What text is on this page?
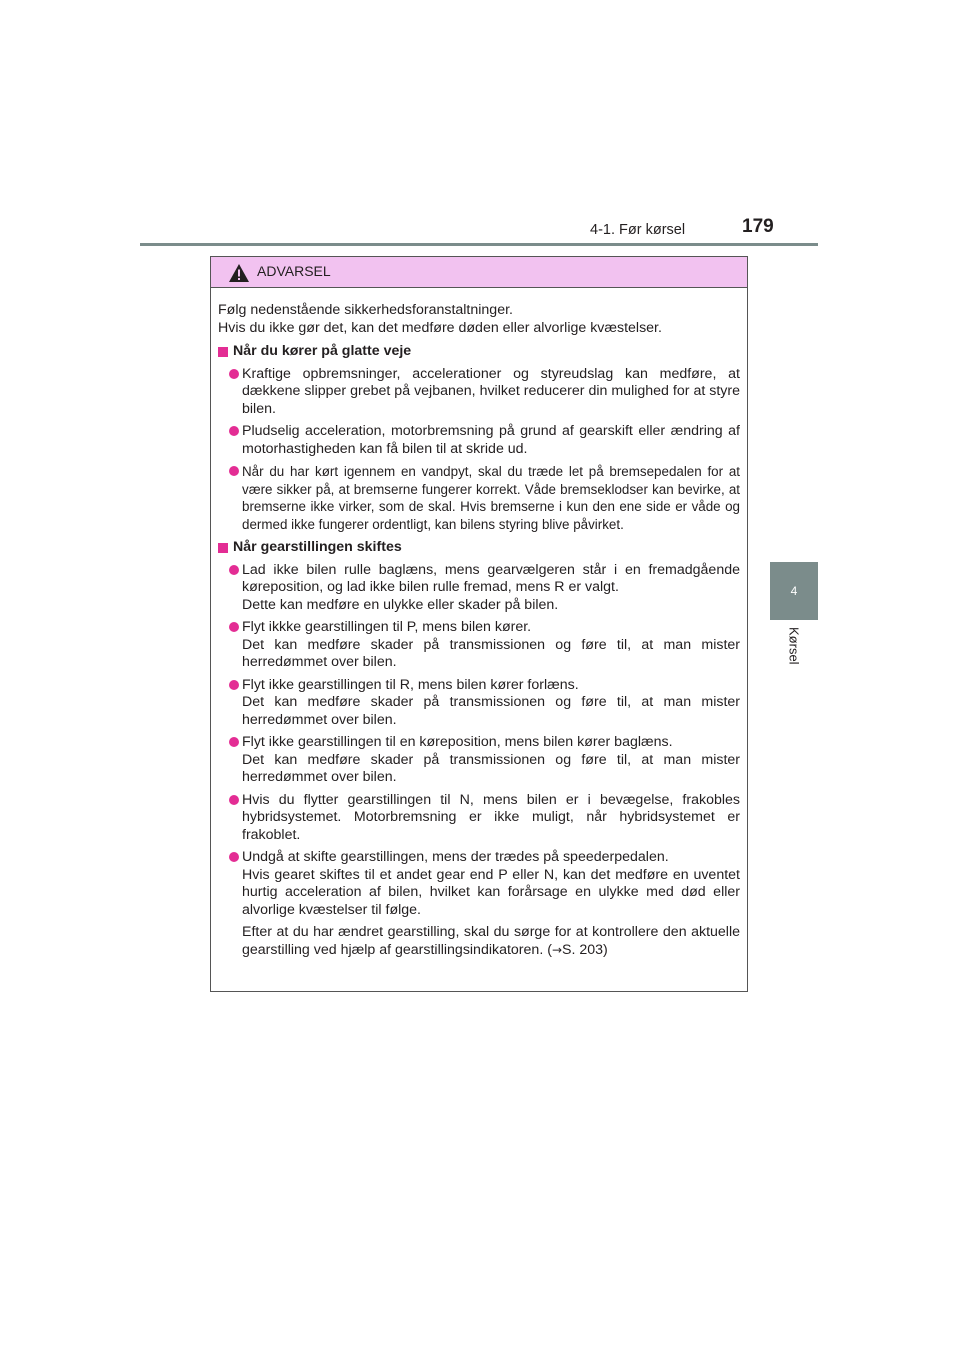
4-1. Før kørsel	179
4
Kørsel
ADVARSEL

Følg nedenstående sikkerhedsforanstaltninger.

Hvis du ikke gør det, kan det medføre døden eller alvorlige kvæstelser.

Når du kører på glatte veje

Kraftige opbremsninger, accelerationer og styreudslag kan medføre, at dækkene slipper grebet på vejbanen, hvilket reducerer din mulighed for at styre bilen.

Pludselig acceleration, motorbremsning på grund af gearskift eller ændring af motorhastigheden kan få bilen til at skride ud.

Når du har kørt igennem en vandpyt, skal du træde let på bremsepedalen for at være sikker på, at bremserne fungerer korrekt. Våde bremseklodser kan bevirke, at bremserne ikke virker, som de skal. Hvis bremserne i kun den ene side er våde og dermed ikke fungerer ordentligt, kan bilens styring blive påvirket.

Når gearstillingen skiftes

Lad ikke bilen rulle baglæns, mens gearvælgeren står i en fremadgående køreposition, og lad ikke bilen rulle fremad, mens R er valgt.

Dette kan medføre en ulykke eller skader på bilen.

Flyt ikkke gearstillingen til P, mens bilen kører.

Det kan medføre skader på transmissionen og føre til, at man mister herredømmet over bilen.

Flyt ikke gearstillingen til R, mens bilen kører forlæns.

Det kan medføre skader på transmissionen og føre til, at man mister herredømmet over bilen.

Flyt ikke gearstillingen til en køreposition, mens bilen kører baglæns.

Det kan medføre skader på transmissionen og føre til, at man mister herredømmet over bilen.

Hvis du flytter gearstillingen til N, mens bilen er i bevægelse, frakobles hybridsystemet. Motorbremsning er ikke muligt, når hybridsystemet er frakoblet.

Undgå at skifte gearstillingen, mens der trædes på speederpedalen.

Hvis gearet skiftes til et andet gear end P eller N, kan det medføre en uventet hurtig acceleration af bilen, hvilket kan forårsage en ulykke med død eller alvorlige kvæstelser til følge.

Efter at du har ændret gearstilling, skal du sørge for at kontrollere den aktuelle gearstilling ved hjælp af gearstillingsindikatoren. (→S. 203)
